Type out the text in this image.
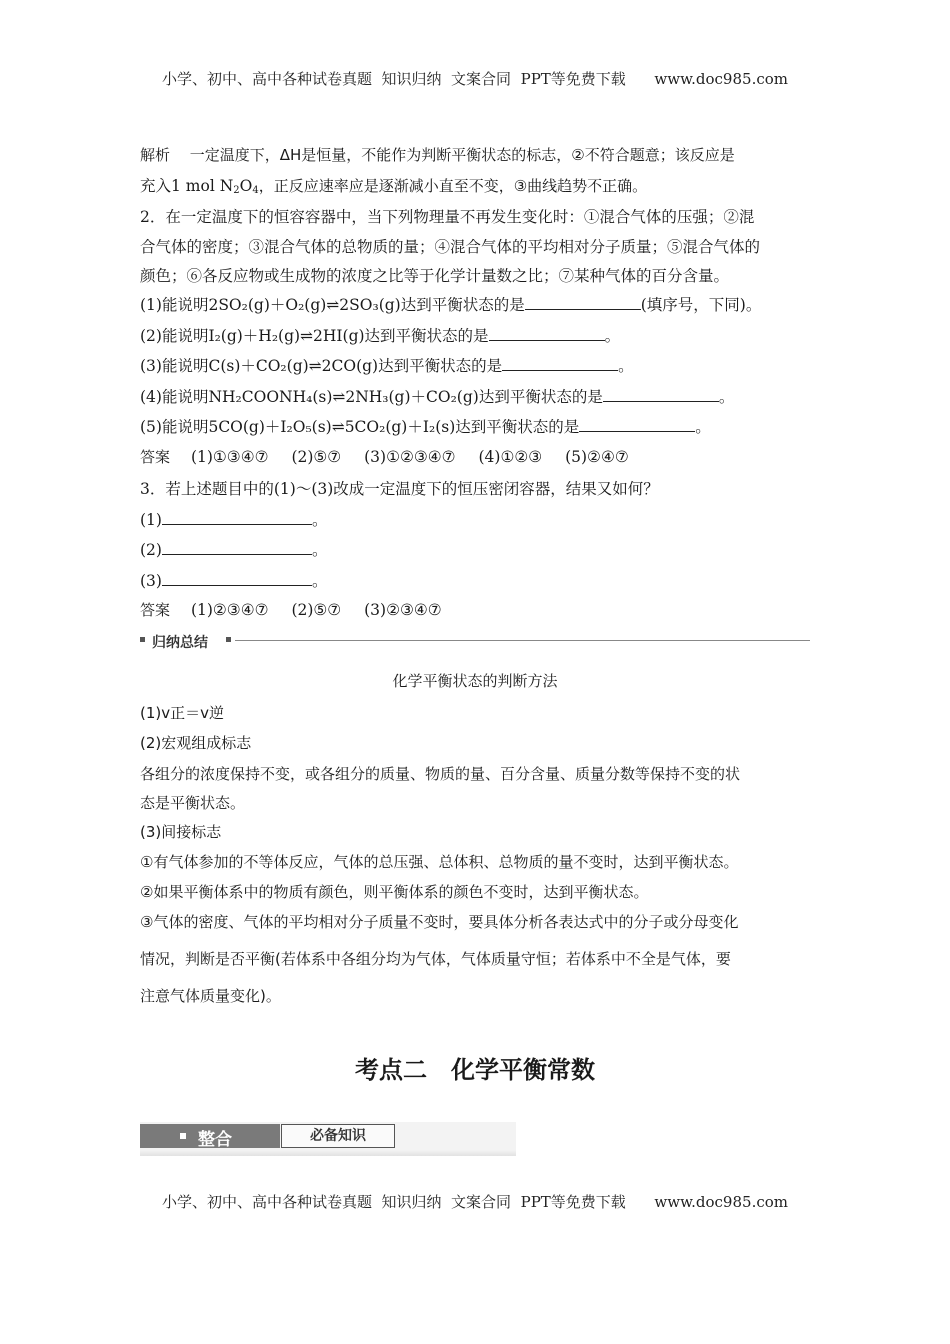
小学、初中、高中各种试卷真题  知识归纳  文案合同  PPT等免费下载      www.doc985.com
解析 一定温度下，ΔH是恒量，不能作为判断平衡状态的标志，②不符合题意；该反应是
充入1 mol $N_2O_4$，正反应速率应是逐渐减小直至不变，③曲线趋势不正确。
2．在一定温度下的恒容容器中，当下列物理量不再发生变化时：①混合气体的压强；②混
合气体的密度；③混合气体的总物质的量；④混合气体的平均相对分子质量；⑤混合气体的
颜色；⑥各反应物或生成物的浓度之比等于化学计量数之比；⑦某种气体的百分含量。
(1)能说明2SO₂(g)＋O₂(g)⇌2SO₃(g)达到平衡状态的是	(填序号，下同)。
(2)能说明I₂(g)＋H₂(g)⇌2HI(g)达到平衡状态的是	。
(3)能说明C(s)＋CO₂(g)⇌2CO(g)达到平衡状态的是	。
(4)能说明NH₂COONH₄(s)⇌2NH₃(g)＋CO₂(g)达到平衡状态的是	。
(5)能说明5CO(g)＋I₂O₅(s)⇌5CO₂(g)＋I₂(s)达到平衡状态的是	。
答案 (1)①③④⑦ (2)⑤⑦ (3)①②③④⑦ (4)①②③ (5)②④⑦
3．若上述题目中的(1)～(3)改成一定温度下的恒压密闭容器，结果又如何？
(1)	。
(2)	。
(3)	。
答案 (1)②③④⑦ (2)⑤⑦ (3)②③④⑦
归纳总结
化学平衡状态的判断方法
(1)v正＝v逆
(2)宏观组成标志
各组分的浓度保持不变，或各组分的质量、物质的量、百分含量、质量分数等保持不变的状
态是平衡状态。
(3)间接标志
①有气体参加的不等体反应，气体的总压强、总体积、总物质的量不变时，达到平衡状态。
②如果平衡体系中的物质有颜色，则平衡体系的颜色不变时，达到平衡状态。
③气体的密度、气体的平均相对分子质量不变时，要具体分析各表达式中的分子或分母变化
情况，判断是否平衡(若体系中各组分均为气体，气体质量守恒；若体系中不全是气体，要
注意气体质量变化)。
考点二　化学平衡常数
整合	必备知识
小学、初中、高中各种试卷真题  知识归纳  文案合同  PPT等免费下载      www.doc985.com
